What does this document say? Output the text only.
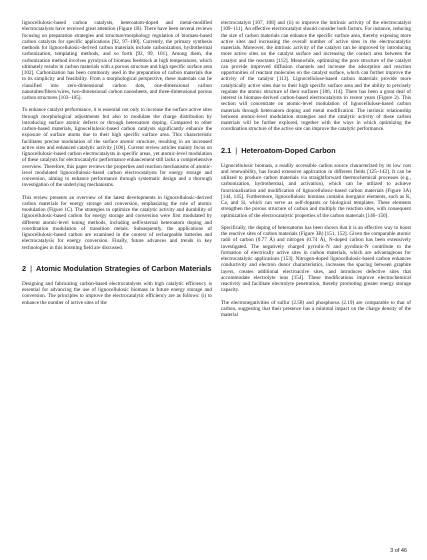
lignocellulosic-based carbon catalysts, heteroatom-doped and metal-modified electrocatalysts have received great attention (Figure 1B). There have been several reviews focusing on preparation strategies and structure/morphology regulation of biomass-based carbon catalysts for specific applications [92, 97–100]. Currently, the primary synthesis methods for lignocellulosic-derived carbon materials include carbonization, hydrothermal carbonization, templating methods, and so forth [92, 99, 101]. Among them, the carbonization method involves pyrolysis of biomass feedstock at high temperatures, which ultimately results in carbon materials with a porous structure and high specific surface area [102]. Carbonization has been commonly used in the preparation of carbon materials due to its simplicity and feasibility. From a morphological perspective, these materials can be classified into zero-dimensional carbon dots, one-dimensional carbon nanotubes/fibers/wires, two-dimensional carbon nanosheets, and three-dimensional porous carbon structures [103–105].

To enhance catalyst performance, it is essential not only to increase the surface active sites through morphological adjustments but also to modulate the charge distribution by introducing surface atomic defects or through heteroatom doping. Compared to other carbon-based materials, lignocellulosic-based carbon catalysts significantly enhance the exposure of surface atoms due to their high specific surface area. This characteristic facilitates precise modulation of the surface atomic structure, resulting in an increased active sites and enhanced catalytic activity [106]. Current review articles mainly focus on lignocellulosic-based carbon electrocatalysts in specific areas, yet atomic-level modulation of these catalysts for electrocatalytic performance enhancement still lacks a comprehensive overview. Therefore, this paper reviews the properties and reaction mechanisms of atomic-level modulated lignocellulosic-based carbon electrocatalysts for energy storage and conversion, aiming to enhance performance through systematic design and a thorough investigation of the underlying mechanisms.

This review presents an overview of the latest developments in lignocellulosic-derived carbon materials for energy storage and conversion, emphasizing the role of atomic modulation (Figure 1C). The strategies to optimize the catalytic activity and durability of lignocellulosic-based carbon for energy storage and conversion were first modulated by different atomic-level tuning methods, including self/external heteroatom doping and coordination modulation of transition metals. Subsequently, the applications of lignocellulosic-based carbon are examined in the context of rechargeable batteries and electrocatalysis for energy conversion. Finally, future advances and trends in key technologies in this booming field are discussed.

2 | Atomic Modulation Strategies of Carbon Materials

Designing and fabricating carbon-based electrocatalysts with high catalytic efficiency is essential for advancing the use of lignocellulosic biomass in future energy storage and conversion. The principles to improve the electrocatalytic efficiency are as follows: (i) to enhance the number of active sites of the

electrocatalyst [107, 108] and (ii) to improve the intrinsic activity of the electrocatalyst [109–111]. An effective electrocatalyst should consider both factors. For instance, reducing the size of carbon materials can enhance the specific surface area, thereby exposing more active sites and increasing the overall number of active sites in the electrocatalytic materials. Moreover, the intrinsic activity of the catalyst can be improved by introducing more active sites on the catalyst surface and increasing the contact area between the catalyst and the reactants [112]. Meanwhile, optimizing the pore structure of the catalyst can provide improved diffusion channels and increase the adsorption and reaction opportunities of reactant molecules on the catalyst surface, which can further improve the activity of the catalyst [113]. Lignocellulose-based carbon materials provide more catalytically active sites due to their high specific surface area and the ability to precisely regulate the atomic structure of their surfaces [106, 114]. There has been a great deal of interest in biomass-derived carbon-based electrocatalysts in recent years (Figure 2). This section will concentrate on atomic-level modulation of lignocellulose-based carbon materials through heteroatom doping and metal modification. The intrinsic relationship between atomic-level modulation strategies and the catalytic activity of these carbon materials will be further explored, together with the ways in which optimizing the coordination structure of the active site can improve the catalytic performance.

2.1 | Heteroatom-Doped Carbon

Lignocellulosic biomass, a readily accessible carbon source characterized by its low cost and renewability, has found extensive application in different fields [125–142]. It can be utilized to produce carbon materials via straightforward thermochemical processes (e.g., carbonization, hydrothermal, and activation), which can be utilized to achieve functionalization and modification of lignocellulosic-based carbon materials (Figure 3A) [144, 145]. Furthermore, lignocellulosic biomass contains inorganic elements, such as K, Ca, and Si, which can serve as self-dopants or biological templates. These elements strengthen the porous structure of carbon and multiply the reaction sites, with consequent optimization of the electrocatalytic properties of the carbon materials [146–150].

Specifically, the doping of heteroatoms has been shown that it is an effective way to boost the reactive sites of carbon materials (Figure 3B) [151, 152]. Given the comparable atomic radii of carbon (0.77 Å) and nitrogen (0.74 Å), N-doped carbon has been extensively investigated. The negatively charged pyrrolic-N and pyridinic-N contribute to the formation of electrically active sites in carbon materials, which are advantageous for electrocatalytic applications [153]. Nitrogen-doped lignocellulosic-based carbon enhances conductivity and electron donor characteristics, increases the spacing between graphite layers, creates additional electroactive sites, and introduces defective sites that accommodate electrolyte ions [154]. These modifications improve electrochemical reactivity and facilitate electrolyte penetration, thereby promoting greater energy storage capacity.

The electronegativities of sulfur (2.58) and phosphorus (2.19) are comparable to that of carbon, suggesting that their presence has a minimal impact on the charge density of the material

3 of 46
